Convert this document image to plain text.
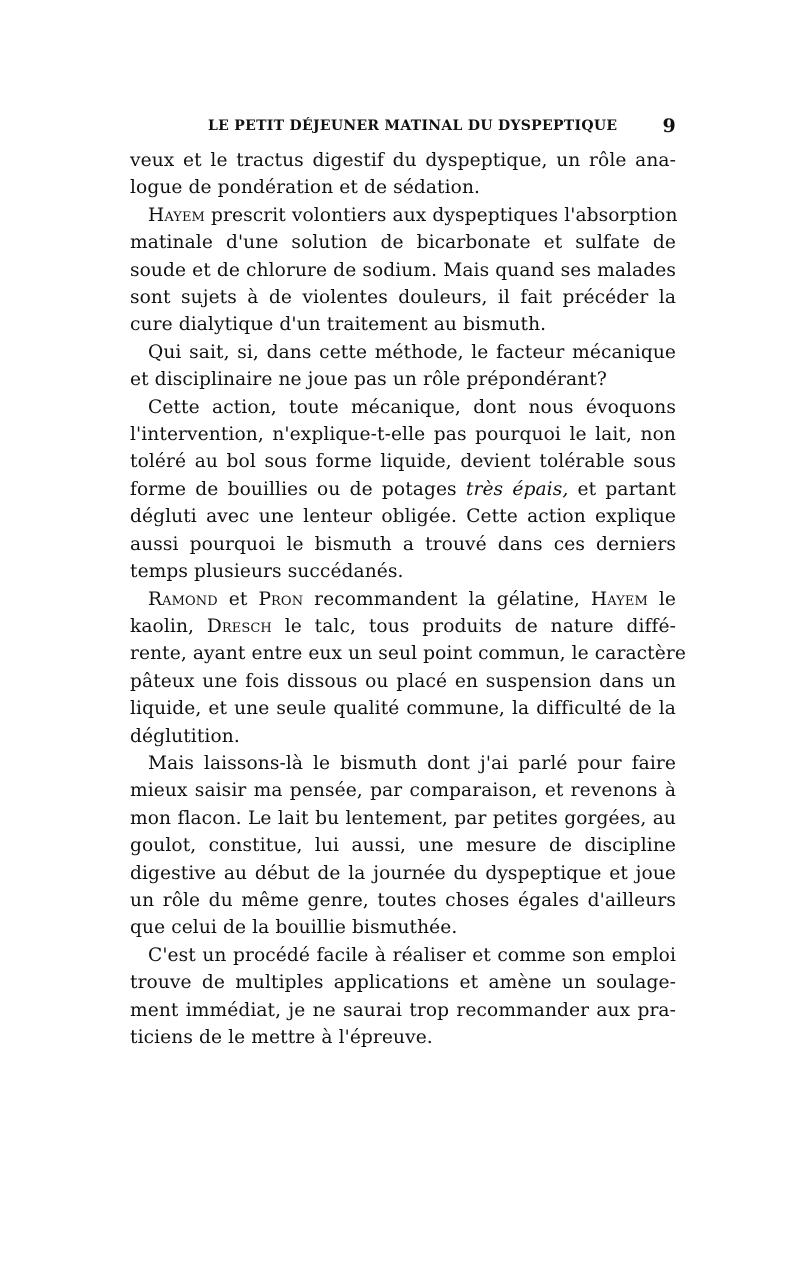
LE PETIT DÉJEUNER MATINAL DU DYSPEPTIQUE 9
veux et le tractus digestif du dyspeptique, un rôle ana-
logue de pondération et de sédation.
Hayem prescrit volontiers aux dyspeptiques l'absorption
matinale d'une solution de bicarbonate et sulfate de
soude et de chlorure de sodium. Mais quand ses malades
sont sujets à de violentes douleurs, il fait précéder la
cure dialytique d'un traitement au bismuth.
Qui sait, si, dans cette méthode, le facteur mécanique
et disciplinaire ne joue pas un rôle prépondérant?
Cette action, toute mécanique, dont nous évoquons
l'intervention, n'explique-t-elle pas pourquoi le lait, non
toléré au bol sous forme liquide, devient tolérable sous
forme de bouillies ou de potages très épais, et partant
dégluti avec une lenteur obligée. Cette action explique
aussi pourquoi le bismuth a trouvé dans ces derniers
temps plusieurs succédanés.
Ramond et Pron recommandent la gélatine, Hayem le
kaolin, Dresch le talc, tous produits de nature diffé-
rente, ayant entre eux un seul point commun, le caractère
pâteux une fois dissous ou placé en suspension dans un
liquide, et une seule qualité commune, la difficulté de la
déglutition.
Mais laissons-là le bismuth dont j'ai parlé pour faire
mieux saisir ma pensée, par comparaison, et revenons à
mon flacon. Le lait bu lentement, par petites gorgées, au
goulot, constitue, lui aussi, une mesure de discipline
digestive au début de la journée du dyspeptique et joue
un rôle du même genre, toutes choses égales d'ailleurs
que celui de la bouillie bismuthée.
C'est un procédé facile à réaliser et comme son emploi
trouve de multiples applications et amène un soulage-
ment immédiat, je ne saurai trop recommander aux pra-
ticiens de le mettre à l'épreuve.
